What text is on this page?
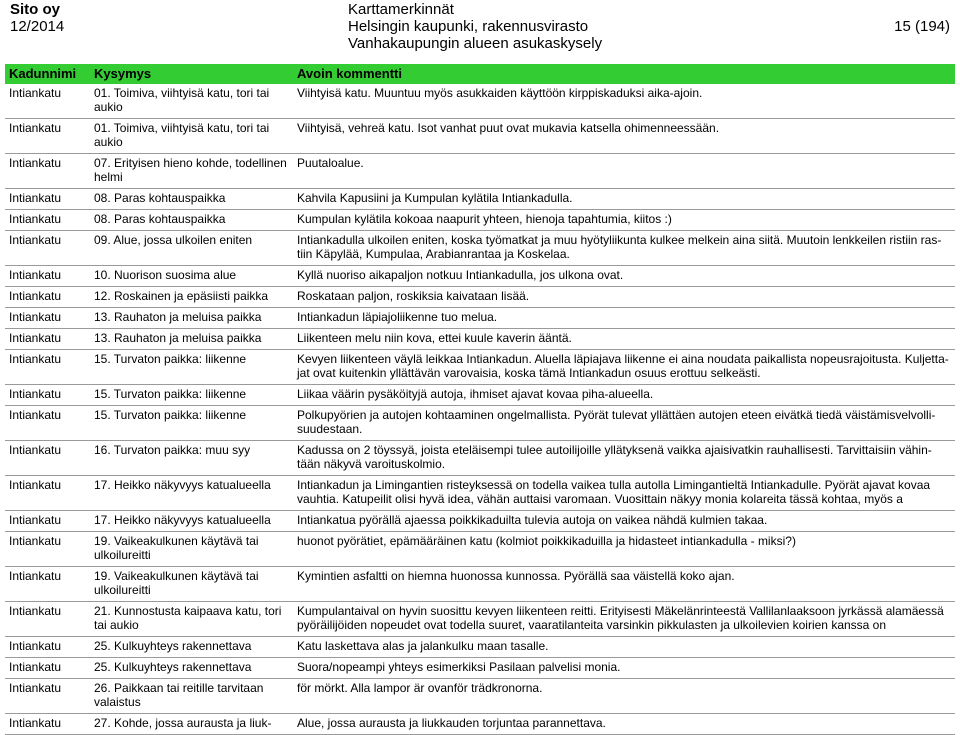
Sito oy
12/2014
Karttamerkinnät
Helsingin kaupunki, rakennusvirasto
Vanhakaupungin alueen asukaskysely
15 (194)
Kadunnimi	Kysymys	Avoin kommentti
Intiankatu	01. Toimiva, viihtyisä katu, tori tai aukio	Viihtyisä katu. Muuntuu myös asukkaiden käyttöön kirppiskaduksi aika-ajoin.
Intiankatu	01. Toimiva, viihtyisä katu, tori tai aukio	Viihtyisä, vehreä katu. Isot vanhat puut ovat mukavia katsella ohimenneessään.
Intiankatu	07. Erityisen hieno kohde, todellinen helmi	Puutaloalue.
Intiankatu	08. Paras kohtauspaikka	Kahvila Kapusiini ja Kumpulan kylätila Intiankadulla.
Intiankatu	08. Paras kohtauspaikka	Kumpulan kylätila kokoaa naapurit yhteen, hienoja tapahtumia, kiitos :)
Intiankatu	09. Alue, jossa ulkoilen eniten	Intiankadulla ulkoilen eniten, koska työmatkat ja muu hyötyliikunta kulkee melkein aina siitä. Muutoin lenkkeilen ristiin ras-tiin Käpylää, Kumpulaa, Arabianrantaa ja Koskelaa.
Intiankatu	10. Nuorison suosima alue	Kyllä nuoriso aikapaljon notkuu Intiankadulla, jos ulkona ovat.
Intiankatu	12. Roskainen ja epäsiisti paikka	Roskataan paljon, roskiksia kaivataan lisää.
Intiankatu	13. Rauhaton ja meluisa paikka	Intiankadun läpiajoliikenne tuo melua.
Intiankatu	13. Rauhaton ja meluisa paikka	Liikenteen melu niin kova, ettei kuule kaverin ääntä.
Intiankatu	15. Turvaton paikka: liikenne	Kevyen liikenteen väylä leikkaa Intiankadun. Aluella läpiajava liikenne ei aina noudata paikallista nopeusrajoitusta. Kuljetta-jat ovat kuitenkin yllättävän varovaisia, koska tämä Intiankadun osuus erottuu selkeästi.
Intiankatu	15. Turvaton paikka: liikenne	Liikaa väärin pysäköityjä autoja, ihmiset ajavat kovaa piha-alueella.
Intiankatu	15. Turvaton paikka: liikenne	Polkupyörien ja autojen kohtaaminen ongelmallista. Pyörät tulevat yllättäen autojen eteen eivätkä tiedä väistämisvelvolli-suudestaan.
Intiankatu	16. Turvaton paikka: muu syy	Kadussa on 2 töyssyä, joista eteläisempi tulee autoilijoille yllätyksenä vaikka ajaisivatkin rauhallisesti. Tarvittaisiin vähin-tään näkyvä varoituskolmio.
Intiankatu	17. Heikko näkyvyys katualueella	Intiankadun ja Limingantien risteyksessä on todella vaikea tulla autolla Limingantieltä Intiankadulle. Pyörät ajavat kovaa vauhtia. Katupeilit olisi hyvä idea, vähän auttaisi varomaan. Vuosittain näkyy monia kolareita tässä kohtaa, myös a
Intiankatu	17. Heikko näkyvyys katualueella	Intiankatua pyörällä ajaessa poikkikaduilta tulevia autoja on vaikea nähdä kulmien takaa.
Intiankatu	19. Vaikeakulkunen käytävä tai ulkoilureitti	huonot pyörätiet, epämääräinen katu (kolmiot poikkikaduilla ja hidasteet intiankadulla - miksi?)
Intiankatu	19. Vaikeakulkunen käytävä tai ulkoilureitti	Kymintien asfaltti on hiemna huonossa kunnossa. Pyörällä saa väistellä koko ajan.
Intiankatu	21. Kunnostusta kaipaava katu, tori tai aukio	Kumpulantaival on hyvin suosittu kevyen liikenteen reitti. Erityisesti Mäkelänrinteestä Vallilanlaaksoon jyrkässä alamäessä pyöräilijöiden nopeudet ovat todella suuret, vaaratilanteita varsinkin pikkulasten ja ulkoilevien koirien kanssa on
Intiankatu	25. Kulkuyhteys rakennettava	Katu laskettava alas ja jalankulku maan tasalle.
Intiankatu	25. Kulkuyhteys rakennettava	Suora/nopeampi yhteys esimerkiksi Pasilaan palvelisi monia.
Intiankatu	26. Paikkaan tai reitille tarvitaan valaistus	för mörkt. Alla lampor är ovanför trädkronorna.
Intiankatu	27. Kohde, jossa aurausta ja liuk-	Alue, jossa aurausta ja liukkauden torjuntaa parannettava.
